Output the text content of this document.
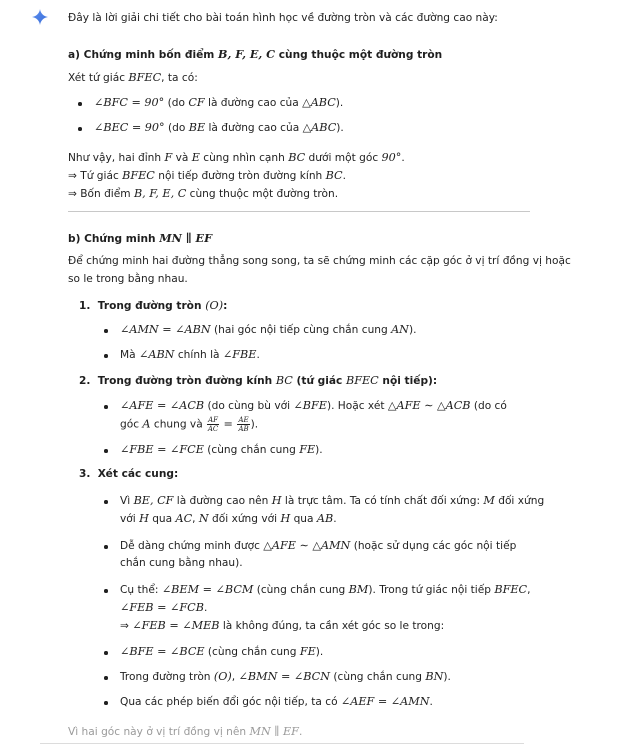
Đây là lời giải chi tiết cho bài toán hình học về đường tròn và các đường cao này:

a) Chứng minh bốn điểm B, F, E, C cùng thuộc một đường tròn

Xét tứ giác BFEC, ta có:

∠BFC = 90° (do CF là đường cao của △ABC).
∠BEC = 90° (do BE là đường cao của △ABC).

Như vậy, hai đỉnh F và E cùng nhìn cạnh BC dưới một góc 90°.

⇒ Tứ giác BFEC nội tiếp đường tròn đường kính BC.

⇒ Bốn điểm B, F, E, C cùng thuộc một đường tròn.

b) Chứng minh MN ∥ EF

Để chứng minh hai đường thẳng song song, ta sẽ chứng minh các cặp góc ở vị trí đồng vị hoặc

so le trong bằng nhau.

1. Trong đường tròn (O):

∠AMN = ∠ABN (hai góc nội tiếp cùng chắn cung AN).
Mà ∠ABN chính là ∠FBE.

2. Trong đường tròn đường kính BC (tứ giác BFEC nội tiếp):

∠AFE = ∠ACB (do cùng bù với ∠BFE). Hoặc xét △AFE ∼ △ACB (do có
góc A chung và $\frac{AF}{AC} = \frac{AE}{AB}$ ).
∠FBE = ∠FCE (cùng chắn cung FE).

3. Xét các cung:

Vì BE, CF là đường cao nên H là trực tâm. Ta có tính chất đối xứng: M đối xứng
với H qua AC, N đối xứng với H qua AB.
Dễ dàng chứng minh được △AFE ∼ △AMN (hoặc sử dụng các góc nội tiếp
chắn cung bằng nhau).
Cụ thể: ∠BEM = ∠BCM (cùng chắn cung BM). Trong tứ giác nội tiếp BFEC,
∠FEB = ∠FCB.
⇒ ∠FEB = ∠MEB là không đúng, ta cần xét góc so le trong:
∠BFE = ∠BCE (cùng chắn cung FE).
Trong đường tròn (O), ∠BMN = ∠BCN (cùng chắn cung BN).
Qua các phép biến đổi góc nội tiếp, ta có ∠AEF = ∠AMN.

Vì hai góc này ở vị trí đồng vị nên MN ∥ EF.
